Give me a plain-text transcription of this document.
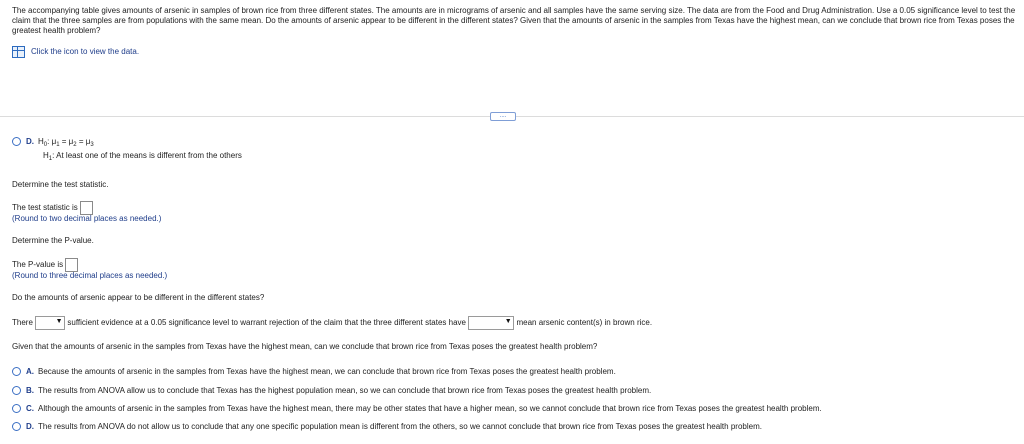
The accompanying table gives amounts of arsenic in samples of brown rice from three different states. The amounts are in micrograms of arsenic and all samples have the same serving size. The data are from the Food and Drug Administration. Use a 0.05 significance level to test the claim that the three samples are from populations with the same mean. Do the amounts of arsenic appear to be different in the different states? Given that the amounts of arsenic in the samples from Texas have the highest mean, can we conclude that brown rice from Texas poses the greatest health problem?
Click the icon to view the data.
....
D. $H_0$: $\mu_1 = \mu_2 = \mu_3$
$H_1$: At least one of the means is different from the others
Determine the test statistic.
The test statistic is
(Round to two decimal places as needed.)
Determine the P-value.
The P-value is
(Round to three decimal places as needed.)
Do the amounts of arsenic appear to be different in the different states?
There	▼ sufficient evidence at a 0.05 significance level to warrant rejection of the claim that the three different states have	▼ mean arsenic content(s) in brown rice.
Given that the amounts of arsenic in the samples from Texas have the highest mean, can we conclude that brown rice from Texas poses the greatest health problem?
A. Because the amounts of arsenic in the samples from Texas have the highest mean, we can conclude that brown rice from Texas poses the greatest health problem.
B. The results from ANOVA allow us to conclude that Texas has the highest population mean, so we can conclude that brown rice from Texas poses the greatest health problem.
C. Although the amounts of arsenic in the samples from Texas have the highest mean, there may be other states that have a higher mean, so we cannot conclude that brown rice from Texas poses the greatest health problem.
D. The results from ANOVA do not allow us to conclude that any one specific population mean is different from the others, so we cannot conclude that brown rice from Texas poses the greatest health problem.
